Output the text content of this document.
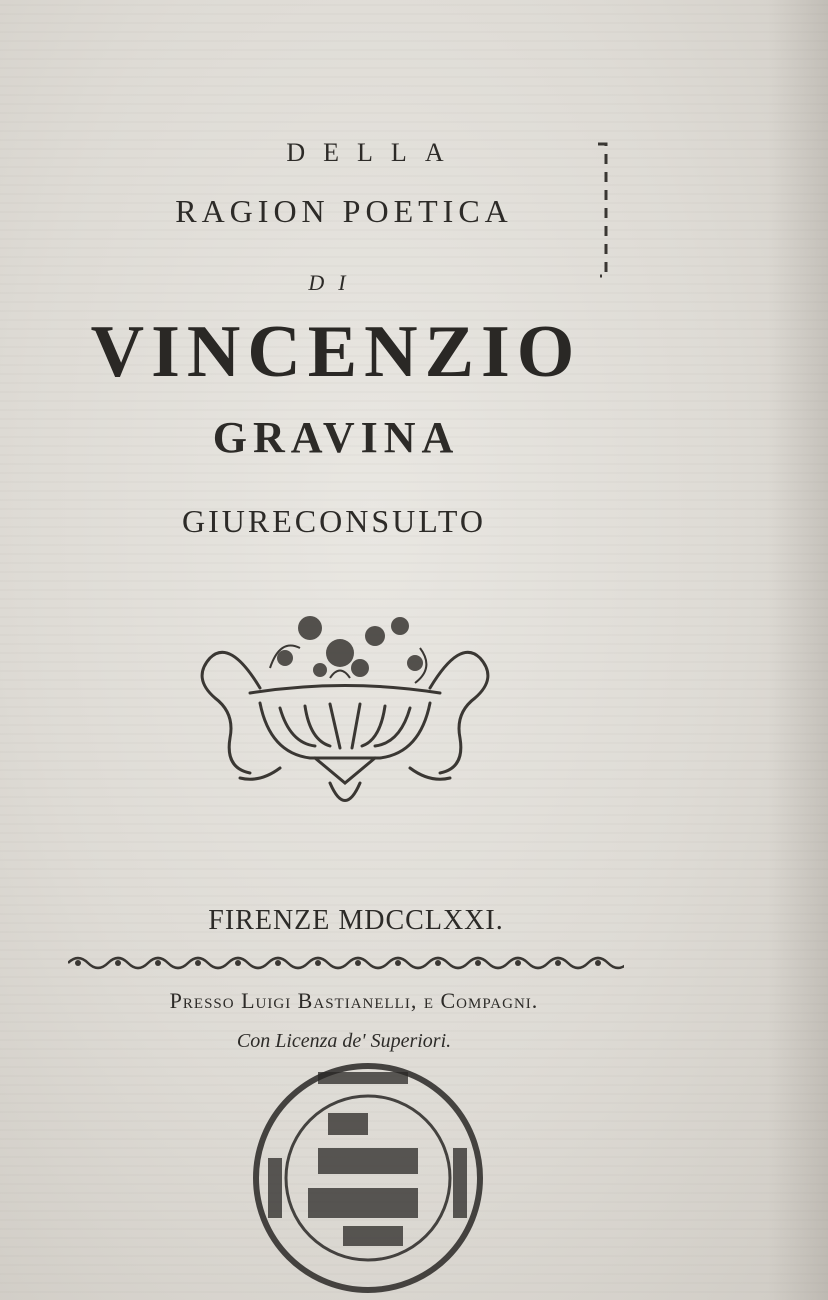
DELLA
RAGION POETICA
DI
VINCENZIO
GRAVINA
GIURECONSULTO
FIRENZE MDCCLXXI.
Presso Luigi Bastianelli, e Compagni.
Con Licenza de' Superiori.
